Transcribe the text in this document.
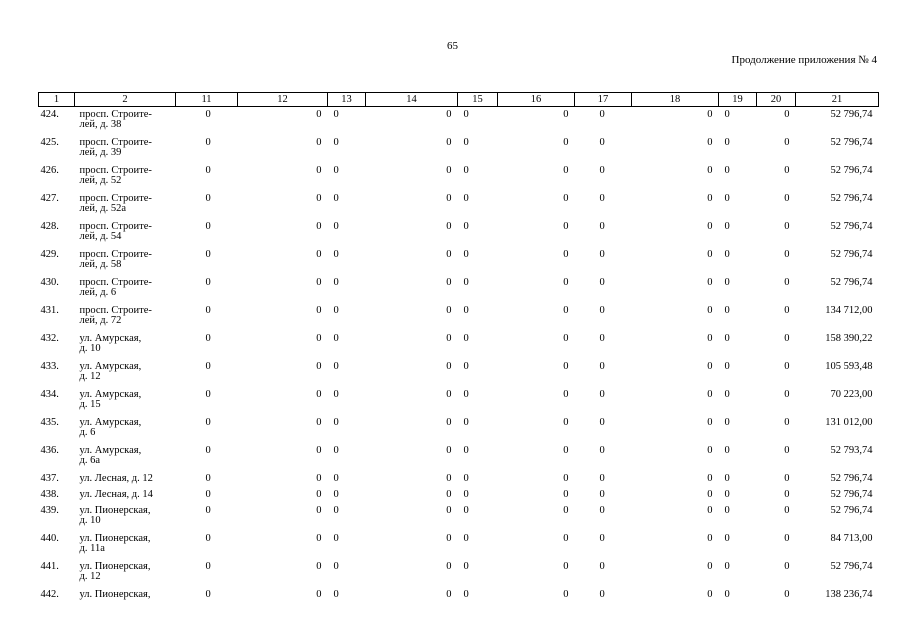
65
Продолжение приложения № 4
1	2	11	12	13	14	15	16	17	18	19	20	21
424.	просп. Строите-
лей, д. 38	0	0	0	0	0	0	0	0	0	0	52 796,74
425.	просп. Строите-
лей, д. 39	0	0	0	0	0	0	0	0	0	0	52 796,74
426.	просп. Строите-
лей, д. 52	0	0	0	0	0	0	0	0	0	0	52 796,74
427.	просп. Строите-
лей, д. 52а	0	0	0	0	0	0	0	0	0	0	52 796,74
428.	просп. Строите-
лей, д. 54	0	0	0	0	0	0	0	0	0	0	52 796,74
429.	просп. Строите-
лей, д. 58	0	0	0	0	0	0	0	0	0	0	52 796,74
430.	просп. Строите-
лей, д. 6	0	0	0	0	0	0	0	0	0	0	52 796,74
431.	просп. Строите-
лей, д. 72	0	0	0	0	0	0	0	0	0	0	134 712,00
432.	ул. Амурская,
д. 10	0	0	0	0	0	0	0	0	0	0	158 390,22
433.	ул. Амурская,
д. 12	0	0	0	0	0	0	0	0	0	0	105 593,48
434.	ул. Амурская,
д. 15	0	0	0	0	0	0	0	0	0	0	70 223,00
435.	ул. Амурская,
д. 6	0	0	0	0	0	0	0	0	0	0	131 012,00
436.	ул. Амурская,
д. 6а	0	0	0	0	0	0	0	0	0	0	52 793,74
437.	ул. Лесная, д. 12	0	0	0	0	0	0	0	0	0	0	52 796,74
438.	ул. Лесная, д. 14	0	0	0	0	0	0	0	0	0	0	52 796,74
439.	ул. Пионерская,
д. 10	0	0	0	0	0	0	0	0	0	0	52 796,74
440.	ул. Пионерская,
д. 11а	0	0	0	0	0	0	0	0	0	0	84 713,00
441.	ул. Пионерская,
д. 12	0	0	0	0	0	0	0	0	0	0	52 796,74
442.	ул. Пионерская,	0	0	0	0	0	0	0	0	0	0	138 236,74
